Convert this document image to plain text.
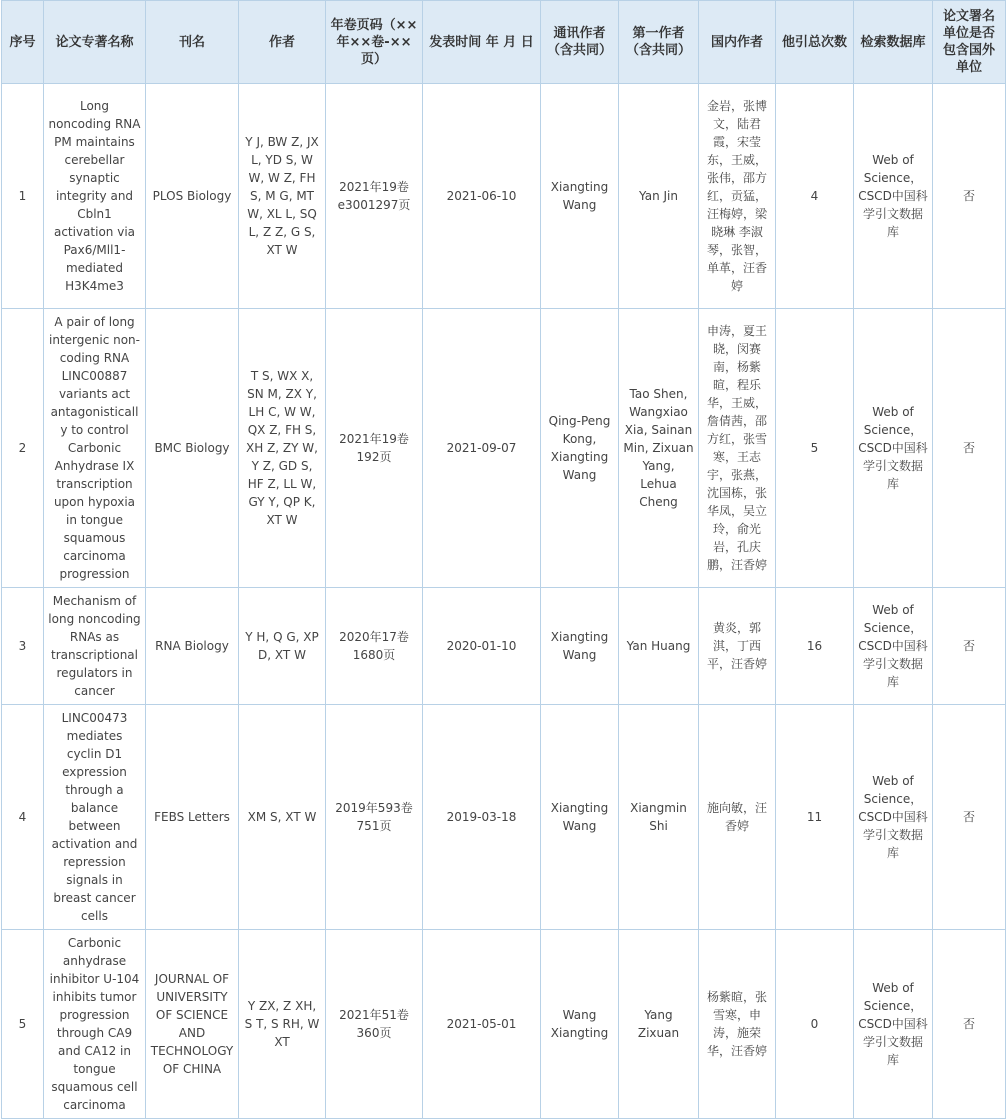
序号	论文专著名称	刊名	作者	年卷页码（××年××卷-××页）	发表时间 年 月 日	通讯作者（含共同）	第一作者（含共同）	国内作者	他引总次数	检索数据库	论文署名单位是否包含国外单位
1	Long noncoding RNA PM maintains cerebellar synaptic integrity and Cbln1 activation via Pax6/Mll1-mediated H3K4me3	PLOS Biology	Y J, BW Z, JX L, YD S, W W, W Z, FH S, M G, MT W, XL L, SQ L, Z Z, G S, XT W	2021年19卷e3001297页	2021-06-10	Xiangting Wang	Yan Jin	金岩，张博文，陆君霞，宋莹东，王威，张伟，邵方红，贡猛，汪梅婷，梁晓琳 李淑琴，张智，单革，汪香婷	4	Web of Science，CSCD中国科学引文数据库	否
2	A pair of long intergenic non-coding RNA LINC00887 variants act antagonistically to control Carbonic Anhydrase IX transcription upon hypoxia in tongue squamous carcinoma progression	BMC Biology	T S, WX X, SN M, ZX Y, LH C, W W, QX Z, FH S, XH Z, ZY W, Y Z, GD S, HF Z, LL W, GY Y, QP K, XT W	2021年19卷192页	2021-09-07	Qing-Peng Kong, Xiangting Wang	Tao Shen, Wangxiao Xia, Sainan Min, Zixuan Yang, Lehua Cheng	申涛，夏王晓，闵赛南，杨紫暄，程乐华，王威，詹倩茜，邵方红，张雪寒，王志宇，张燕，沈国栋，张华凤，吴立玲，俞光岩，孔庆鹏，汪香婷	5	Web of Science，CSCD中国科学引文数据库	否
3	Mechanism of long noncoding RNAs as transcriptional regulators in cancer	RNA Biology	Y H, Q G, XP D, XT W	2020年17卷1680页	2020-01-10	Xiangting Wang	Yan Huang	黄炎，郭淇，丁西平，汪香婷	16	Web of Science，CSCD中国科学引文数据库	否
4	LINC00473 mediates cyclin D1 expression through a balance between activation and repression signals in breast cancer cells	FEBS Letters	XM S, XT W	2019年593卷751页	2019-03-18	Xiangting Wang	Xiangmin Shi	施向敏，汪香婷	11	Web of Science，CSCD中国科学引文数据库	否
5	Carbonic anhydrase inhibitor U-104 inhibits tumor progression through CA9 and CA12 in tongue squamous cell carcinoma	JOURNAL OF UNIVERSITY OF SCIENCE AND TECHNOLOGY OF CHINA	Y ZX, Z XH, S T, S RH, W XT	2021年51卷360页	2021-05-01	Wang Xiangting	Yang Zixuan	杨紫暄，张雪寒，申涛，施荣华，汪香婷	0	Web of Science，CSCD中国科学引文数据库	否
